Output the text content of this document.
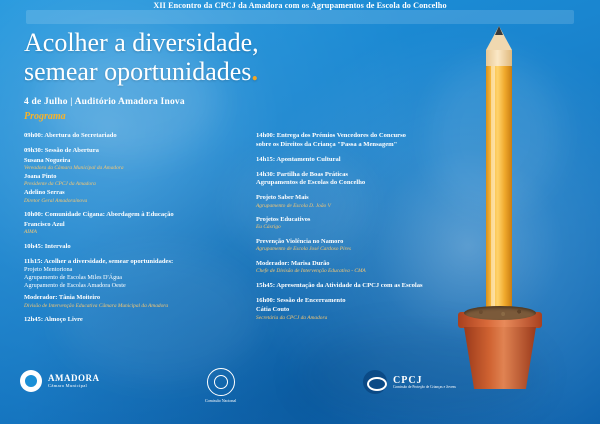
XII Encontro da CPCJ da Amadora com os Agrupamentos de Escola do Concelho
Acolher a diversidade,
semear oportunidades.
4 de Julho | Auditório Amadora Inova
Programa
09h00: Abertura do Secretariado
09h30: Sessão de Abertura
Susana Nogueira
Vereadora da Câmara Municipal da Amadora
Joana Pinto
Presidente da CPCJ da Amadora
Adelino Serras
Diretor Geral Amadorainova
10h00: Comunidade Cigana: Abordagem à Educação
Francisco Azul
AIMA
10h45: Intervalo
11h15: Acolher a diversidade, semear oportunidades:
Projeto Mentoriona
Agrupamento de Escolas Miles D'Água
Agrupamento de Escolas Amadora Oeste
Moderador: Tânia Moiteiro
Divisão de Intervenção Educativa Câmara Municipal da Amadora
12h45: Almoço Livre
14h00: Entrega dos Prémios Vencedores do Concurso
sobre os Direitos da Criança "Passa a Mensagem"
14h15: Apontamento Cultural
14h30: Partilha de Boas Práticas
Agrupamentos de Escolas do Concelho
Projeto Saber Mais
Agrupamento de Escola D. João V
Projetos Educativos
Eu Cásrigo
Prevenção Violência no Namoro
Agrupamento de Escola José Cardoso Pires
Moderador: Marisa Durão
Chefe de Divisão de Intervenção Educativa - CMA
15h45: Apresentação da Atividade da CPCJ com as Escolas
16h00: Sessão de Encerramento
Cátia Couto
Secretária da CPCJ da Amadora
AMADORA
Câmara Municipal
Comissão Nacional
CPCJ
Comissão de Proteção de Crianças e Jovens
